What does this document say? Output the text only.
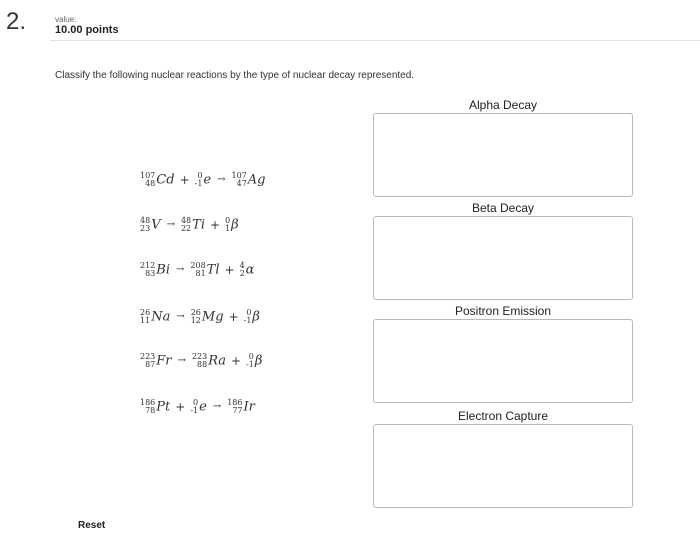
2.	value:
10.00 points
Classify the following nuclear reactions by the type of nuclear decay represented.
107
48 Cd + 0
-1 e → 107
47 Ag
48
23 V → 48
22 Ti + 0
1 β
212
83 Bi → 208
81 Tl + 4
2 α
26
11 Na → 26
12 Mg + 0
-1 β
223
87 Fr → 223
88 Ra + 0
-1 β
186
78 Pt + 0
-1 e → 186
77 Ir
Alpha Decay
Beta Decay
Positron Emission
Electron Capture
Reset
